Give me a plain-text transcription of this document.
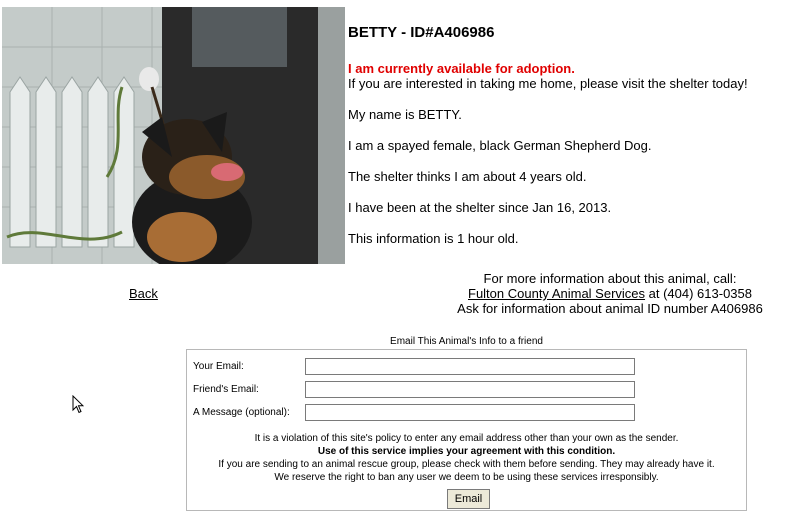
BETTY - ID#A406986
I am currently available for adoption.
If you are interested in taking me home, please visit the shelter today!
My name is BETTY.
I am a spayed female, black German Shepherd Dog.
The shelter thinks I am about 4 years old.
I have been at the shelter since Jan 16, 2013.
This information is 1 hour old.
Back
For more information about this animal, call:
Fulton County Animal Services at (404) 613-0358
Ask for information about animal ID number A406986
Email This Animal's Info to a friend
Your Email:
Friend's Email:
A Message (optional):
It is a violation of this site's policy to enter any email address other than your own as the sender.
Use of this service implies your agreement with this condition.
If you are sending to an animal rescue group, please check with them before sending. They may already have it.
We reserve the right to ban any user we deem to be using these services irresponsibly.
Email
